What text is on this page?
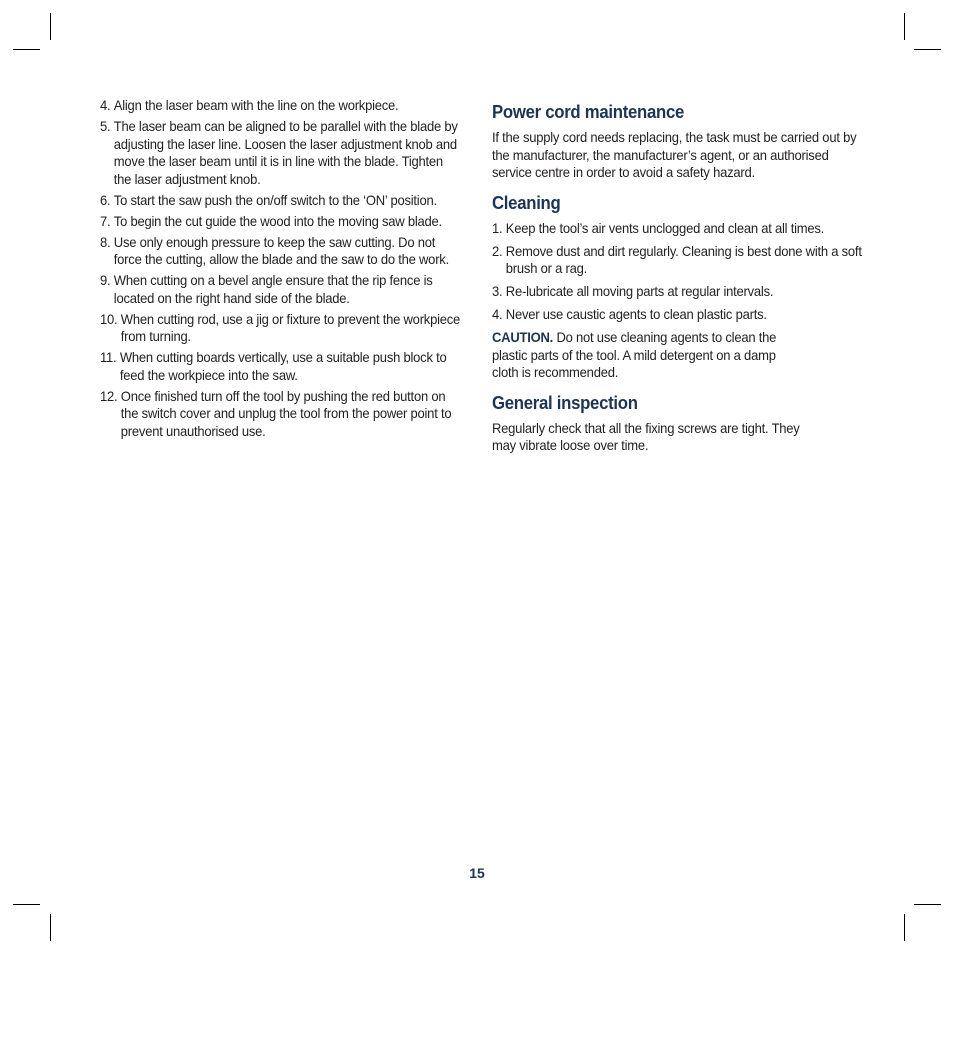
4. Align the laser beam with the line on the workpiece.
5. The laser beam can be aligned to be parallel with the blade by adjusting the laser line. Loosen the laser adjustment knob and move the laser beam until it is in line with the blade. Tighten the laser adjustment knob.
6. To start the saw push the on/off switch to the ‘ON’ position.
7. To begin the cut guide the wood into the moving saw blade.
8. Use only enough pressure to keep the saw cutting. Do not force the cutting, allow the blade and the saw to do the work.
9. When cutting on a bevel angle ensure that the rip fence is located on the right hand side of the blade.
10. When cutting rod, use a jig or fixture to prevent the workpiece from turning.
11. When cutting boards vertically, use a suitable push block to feed the workpiece into the saw.
12. Once finished turn off the tool by pushing the red button on the switch cover and unplug the tool from the power point to prevent unauthorised use.
Power cord maintenance

If the supply cord needs replacing, the task must be carried out by the manufacturer, the manufacturer’s agent, or an authorised service centre in order to avoid a safety hazard.

Cleaning
1. Keep the tool’s air vents unclogged and clean at all times.
2. Remove dust and dirt regularly. Cleaning is best done with a soft brush or a rag.
3. Re-lubricate all moving parts at regular intervals.
4. Never use caustic agents to clean plastic parts.

CAUTION. Do not use cleaning agents to clean the plastic parts of the tool. A mild detergent on a damp cloth is recommended.

General inspection

Regularly check that all the fixing screws are tight. They may vibrate loose over time.

15
